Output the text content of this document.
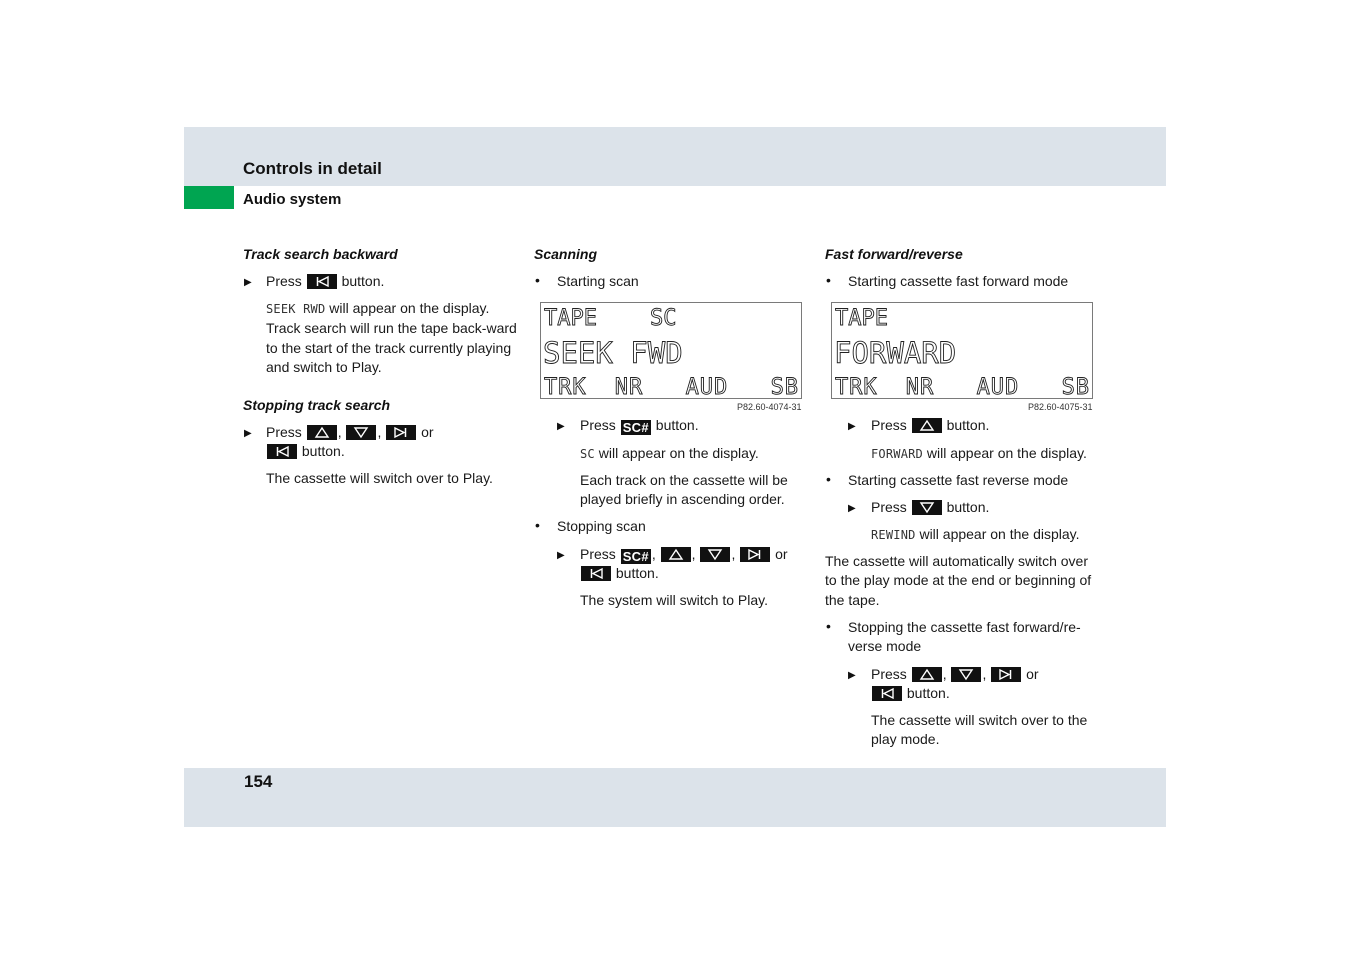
Controls in detail
Audio system
154
Track search backward
▶ Press	button.
SEEK RWD will appear on the display. Track search will run the tape back-ward to the start of the track currently playing and switch to Play.
Stopping track search
▶ Press	,	,	or
button.
The cassette will switch over to Play.
Scanning
• Starting scan
TAPE    SC
SEEK FWD
TRK  NR   AUD   SB
P82.60-4074-31
▶ Press SC# button.
SC will appear on the display.
Each track on the cassette will be played briefly in ascending order.
• Stopping scan
▶ Press SC# ,	,	,	or
button.
The system will switch to Play.
Fast forward/reverse
• Starting cassette fast forward mode
TAPE
FORWARD
TRK  NR   AUD   SB
P82.60-4075-31
▶ Press	button.
FORWARD will appear on the display.
• Starting cassette fast reverse mode
▶ Press	button.
REWIND will appear on the display.
The cassette will automatically switch over to the play mode at the end or beginning of the tape.
• Stopping the cassette fast forward/re-verse mode
▶ Press	,	,	or
button.
The cassette will switch over to the play mode.
